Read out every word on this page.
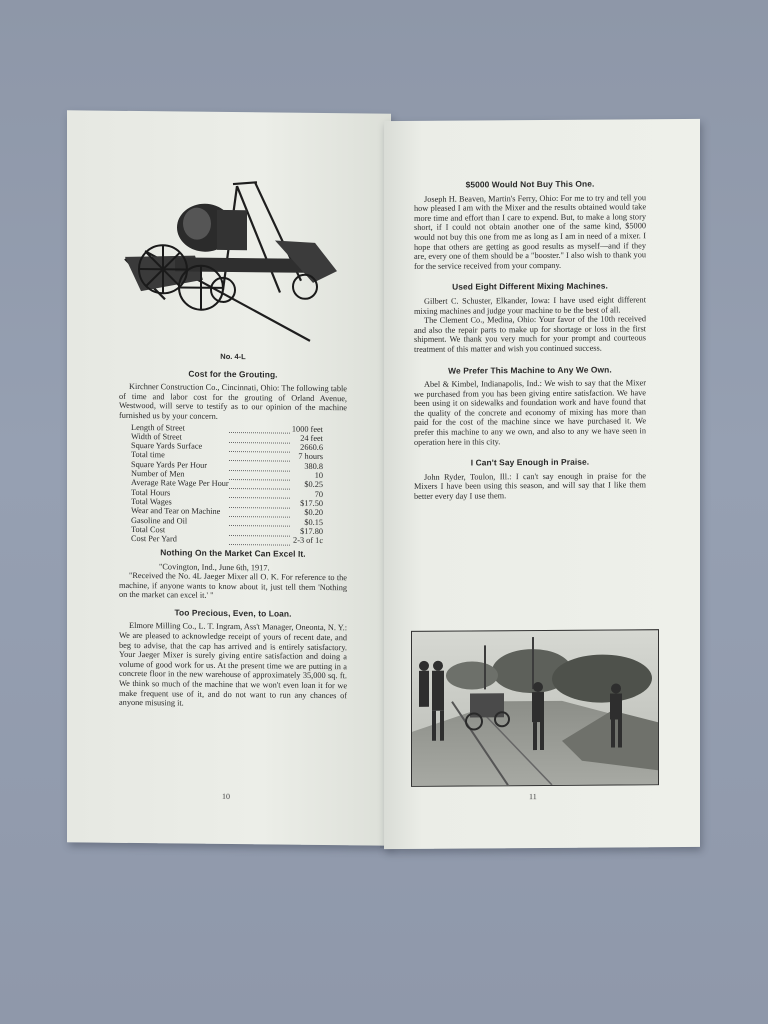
No. 4-L
Cost for the Grouting.

Kirchner Construction Co., Cincinnati, Ohio: The following table of time and labor cost for the grouting of Orland Avenue, Westwood, will serve to testify as to our opinion of the machine furnished us by your concern.

Length of Street		1000 feet
Width of Street		24 feet
Square Yards Surface		2660.6
Total time		7 hours
Square Yards Per Hour		380.8
Number of Men		10
Average Rate Wage Per Hour		$0.25
Total Hours		70
Total Wages		$17.50
Wear and Tear on Machine		$0.20
Gasoline and Oil		$0.15
Total Cost		$17.80
Cost Per Yard		2-3 of 1c
Nothing On the Market Can Excel It.

"Covington, Ind., June 6th, 1917.

"Received the No. 4L Jaeger Mixer all O. K. For reference to the machine, if anyone wants to know about it, just tell them 'Nothing on the market can excel it.' "

Too Precious, Even, to Loan.

Elmore Milling Co., L. T. Ingram, Ass't Manager, Oneonta, N. Y.: We are pleased to acknowledge receipt of yours of recent date, and beg to advise, that the cap has arrived and is entirely satisfactory. Your Jaeger Mixer is surely giving entire satisfaction and doing a volume of good work for us. At the present time we are putting in a concrete floor in the new warehouse of approximately 35,000 sq. ft. We think so much of the machine that we won't even loan it for we make frequent use of it, and do not want to run any chances of anyone misusing it.

10
$5000 Would Not Buy This One.

Joseph H. Beaven, Martin's Ferry, Ohio: For me to try and tell you how pleased I am with the Mixer and the results obtained would take more time and effort than I care to expend. But, to make a long story short, if I could not obtain another one of the same kind, $5000 would not buy this one from me as long as I am in need of a mixer. I hope that others are getting as good results as myself—and if they are, every one of them should be a "booster." I also wish to thank you for the service received from your company.

Used Eight Different Mixing Machines.

Gilbert C. Schuster, Elkander, Iowa: I have used eight different mixing machines and judge your machine to be the best of all.

The Clement Co., Medina, Ohio: Your favor of the 10th received and also the repair parts to make up for shortage or loss in the first shipment. We thank you very much for your prompt and courteous treatment of this matter and wish you continued success.

We Prefer This Machine to Any We Own.

Abel & Kimbel, Indianapolis, Ind.: We wish to say that the Mixer we purchased from you has been giving entire satisfaction. We have been using it on sidewalks and foundation work and have found that the quality of the concrete and economy of mixing has more than paid for the cost of the machine since we have purchased it. We prefer this machine to any we own, and also to any we have seen in operation here in this city.

I Can't Say Enough in Praise.

John Ryder, Toulon, Ill.: I can't say enough in praise for the Mixers I have been using this season, and will say that I like them better every day I use them.

11
